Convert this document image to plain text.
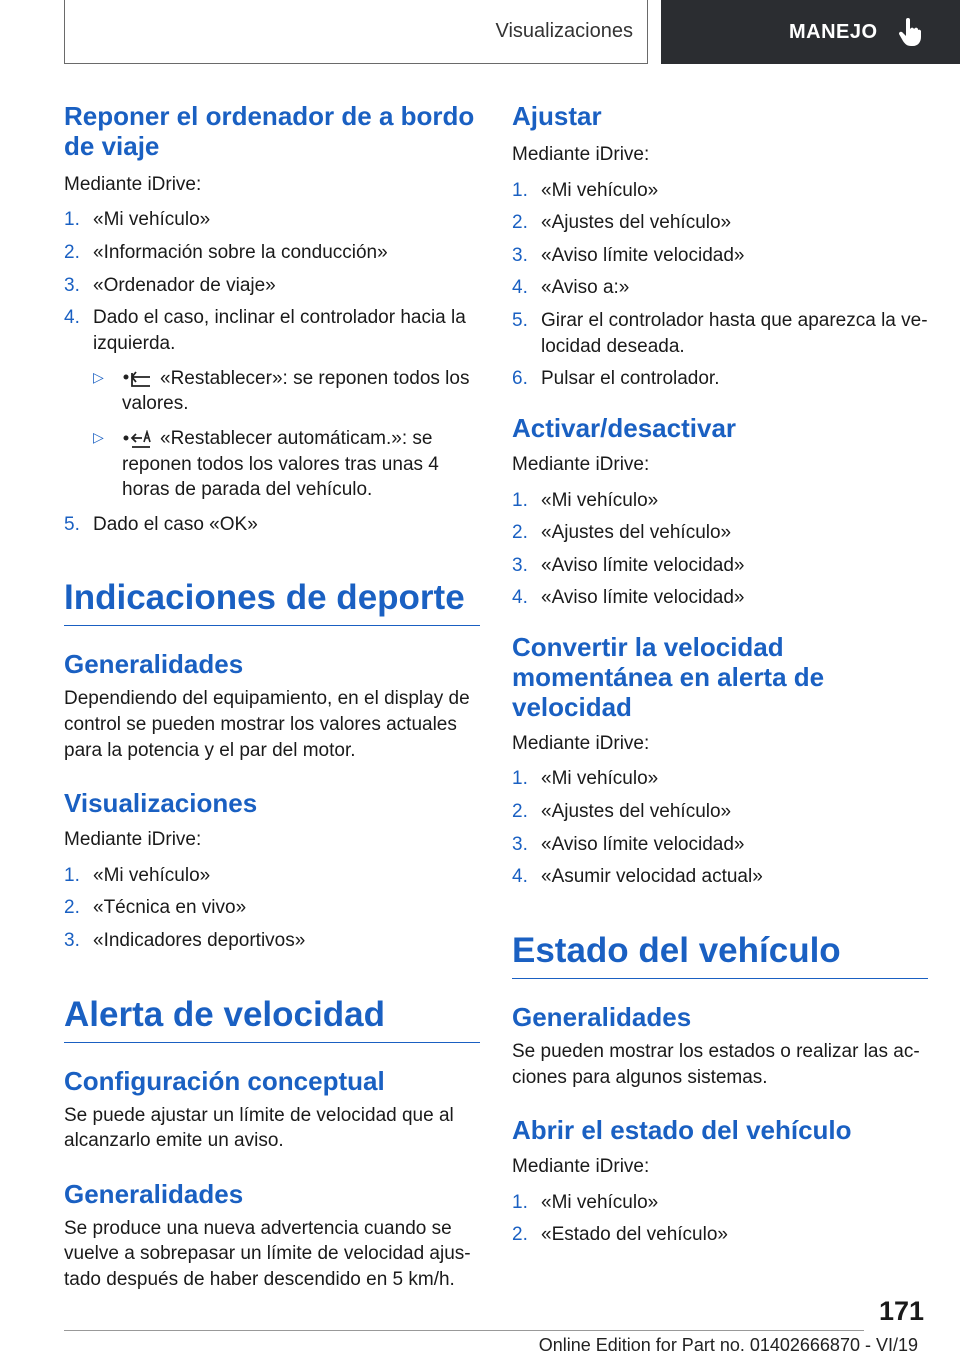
Visualizaciones	MANEJO
Reponer el ordenador de a bordo de viaje

Mediante iDrive:

1. «Mi vehículo»
2. «Información sobre la conducción»
3. «Ordenador de viaje»
4. Dado el caso, inclinar el controlador hacia la izquierda.
▷	«Restablecer»: se reponen todos los valores.
▷	«Restablecer automáticam.»: se reponen todos los valores tras unas 4 horas de parada del vehículo.
5. Dado el caso «OK»
Indicaciones de deporte
Generalidades

Dependiendo del equipamiento, en el display de control se pueden mostrar los valores actuales para la potencia y el par del motor.

Visualizaciones

Mediante iDrive:

1. «Mi vehículo»
2. «Técnica en vivo»
3. «Indicadores deportivos»
Alerta de velocidad
Configuración conceptual

Se puede ajustar un límite de velocidad que al alcanzarlo emite un aviso.

Generalidades

Se produce una nueva advertencia cuando se vuelve a sobrepasar un límite de velocidad ajustado después de haber descendido en 5 km/h.

Ajustar

Mediante iDrive:

1. «Mi vehículo»
2. «Ajustes del vehículo»
3. «Aviso límite velocidad»
4. «Aviso a:»
5. Girar el controlador hasta que aparezca la velocidad deseada.
6. Pulsar el controlador.
Activar/desactivar

Mediante iDrive:

1. «Mi vehículo»
2. «Ajustes del vehículo»
3. «Aviso límite velocidad»
4. «Aviso límite velocidad»
Convertir la velocidad momentánea en alerta de velocidad

Mediante iDrive:

1. «Mi vehículo»
2. «Ajustes del vehículo»
3. «Aviso límite velocidad»
4. «Asumir velocidad actual»
Estado del vehículo
Generalidades

Se pueden mostrar los estados o realizar las acciones para algunos sistemas.

Abrir el estado del vehículo

Mediante iDrive:

1. «Mi vehículo»
2. «Estado del vehículo»
171
Online Edition for Part no. 01402666870 - VI/19
